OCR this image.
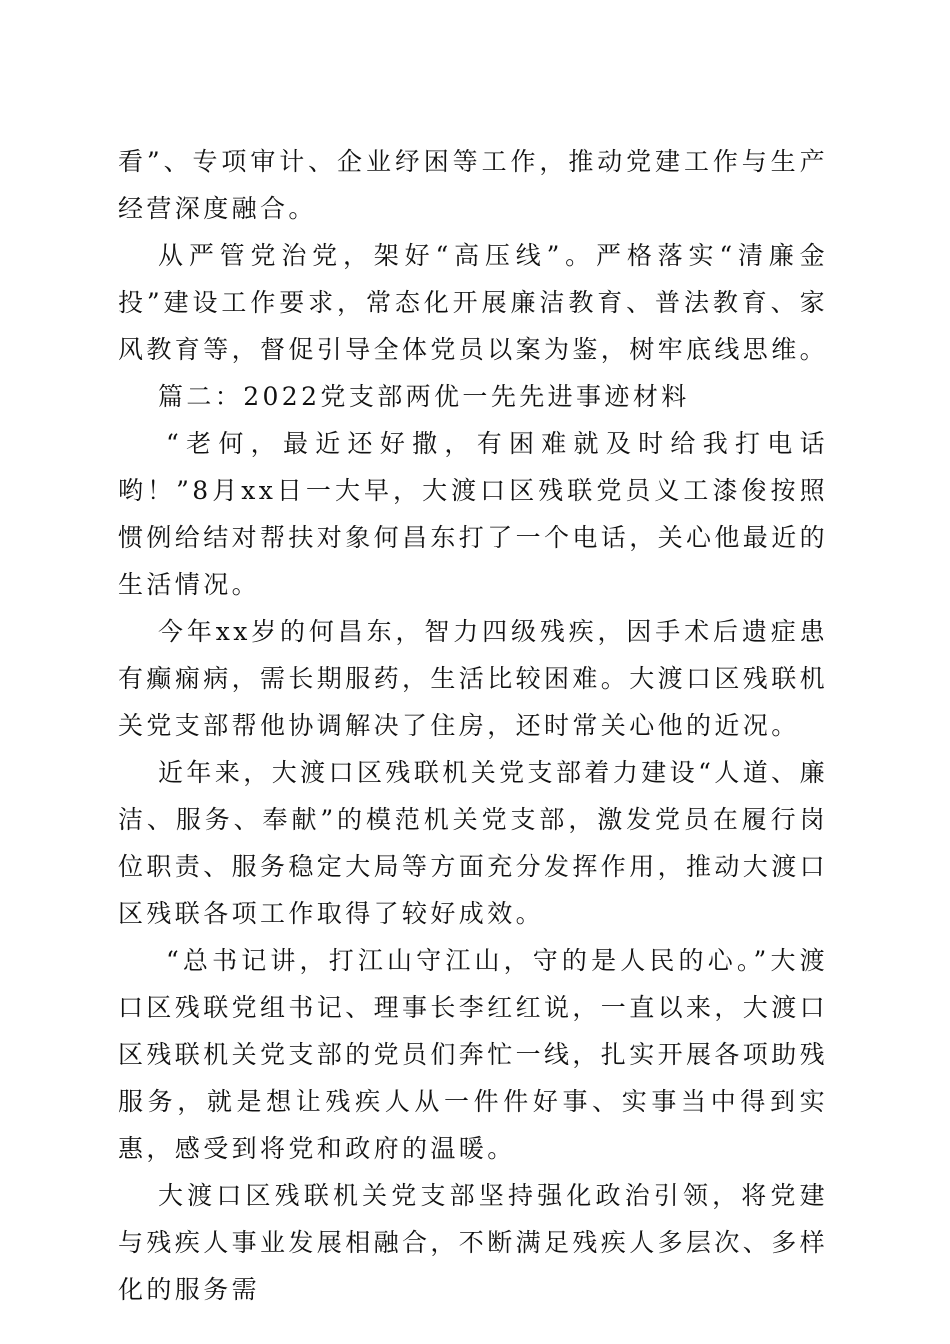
看”、专项审计、企业纾困等工作，推动党建工作与生产经营深度融合。

从严管党治党，架好“高压线”。严格落实“清廉金投”建设工作要求，常态化开展廉洁教育、普法教育、家风教育等，督促引导全体党员以案为鉴，树牢底线思维。

篇二：2022党支部两优一先先进事迹材料

“老何，最近还好撒，有困难就及时给我打电话哟！”8月xx日一大早，大渡口区残联党员义工漆俊按照惯例给结对帮扶对象何昌东打了一个电话，关心他最近的生活情况。

今年xx岁的何昌东，智力四级残疾，因手术后遗症患有癫痫病，需长期服药，生活比较困难。大渡口区残联机关党支部帮他协调解决了住房，还时常关心他的近况。

近年来，大渡口区残联机关党支部着力建设“人道、廉洁、服务、奉献”的模范机关党支部，激发党员在履行岗位职责、服务稳定大局等方面充分发挥作用，推动大渡口区残联各项工作取得了较好成效。

“总书记讲，打江山守江山，守的是人民的心。”大渡口区残联党组书记、理事长李红红说，一直以来，大渡口区残联机关党支部的党员们奔忙一线，扎实开展各项助残服务，就是想让残疾人从一件件好事、实事当中得到实惠，感受到将党和政府的温暖。

大渡口区残联机关党支部坚持强化政治引领，将党建与残疾人事业发展相融合，不断满足残疾人多层次、多样化的服务需
